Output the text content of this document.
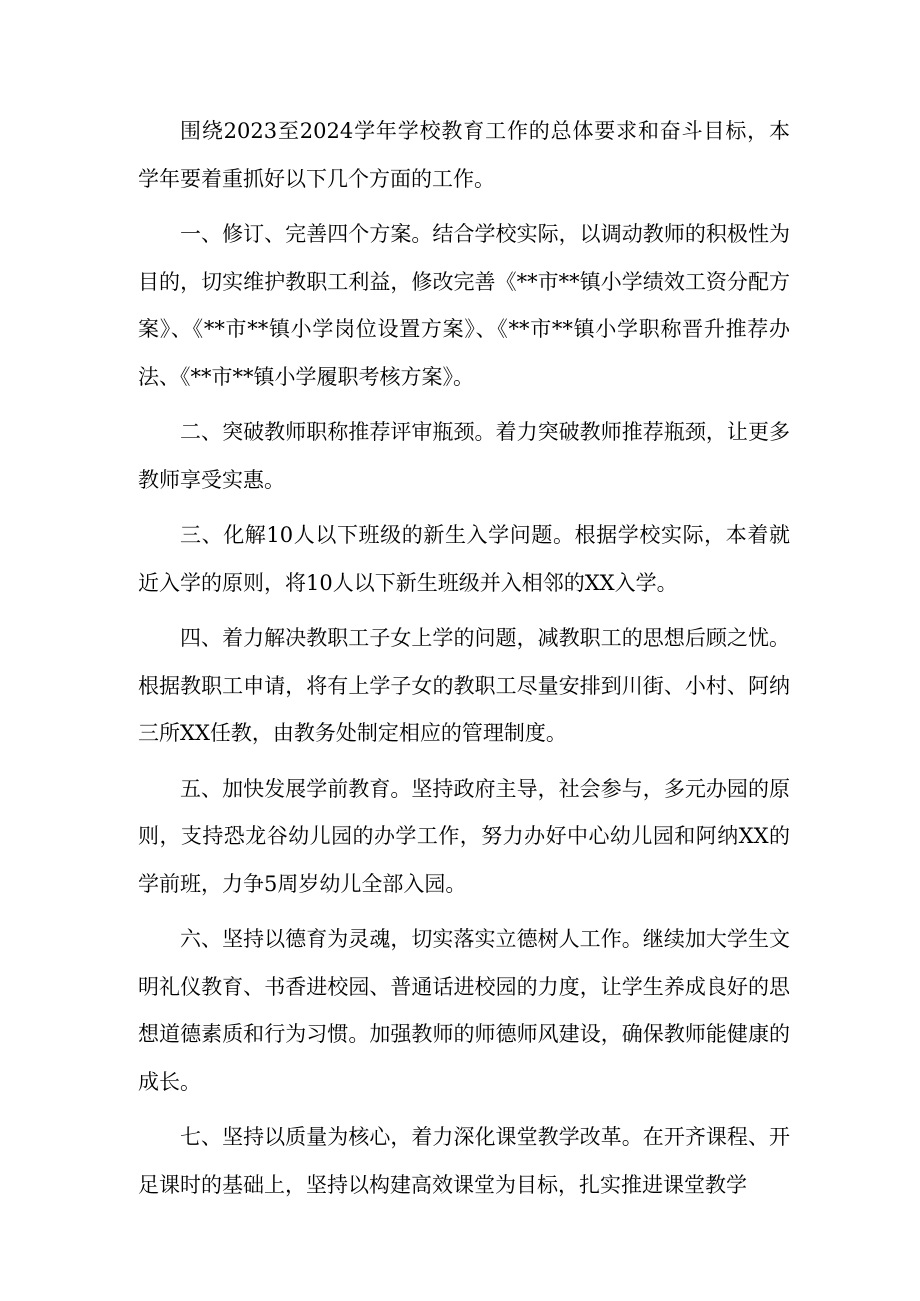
围绕2023至2024学年学校教育工作的总体要求和奋斗目标，本学年要着重抓好以下几个方面的工作。

一、修订、完善四个方案。结合学校实际，以调动教师的积极性为目的，切实维护教职工利益，修改完善《**市**镇小学绩效工资分配方案》、《**市**镇小学岗位设置方案》、《**市**镇小学职称晋升推荐办法、《**市**镇小学履职考核方案》。

二、突破教师职称推荐评审瓶颈。着力突破教师推荐瓶颈，让更多教师享受实惠。

三、化解10人以下班级的新生入学问题。根据学校实际，本着就近入学的原则，将10人以下新生班级并入相邻的XX入学。

四、着力解决教职工子女上学的问题，减教职工的思想后顾之忧。根据教职工申请，将有上学子女的教职工尽量安排到川街、小村、阿纳三所XX任教，由教务处制定相应的管理制度。

五、加快发展学前教育。坚持政府主导，社会参与，多元办园的原则，支持恐龙谷幼儿园的办学工作，努力办好中心幼儿园和阿纳XX的学前班，力争5周岁幼儿全部入园。

六、坚持以德育为灵魂，切实落实立德树人工作。继续加大学生文明礼仪教育、书香进校园、普通话进校园的力度，让学生养成良好的思想道德素质和行为习惯。加强教师的师德师风建设，确保教师能健康的成长。

七、坚持以质量为核心，着力深化课堂教学改革。在开齐课程、开足课时的基础上，坚持以构建高效课堂为目标，扎实推进课堂教学
